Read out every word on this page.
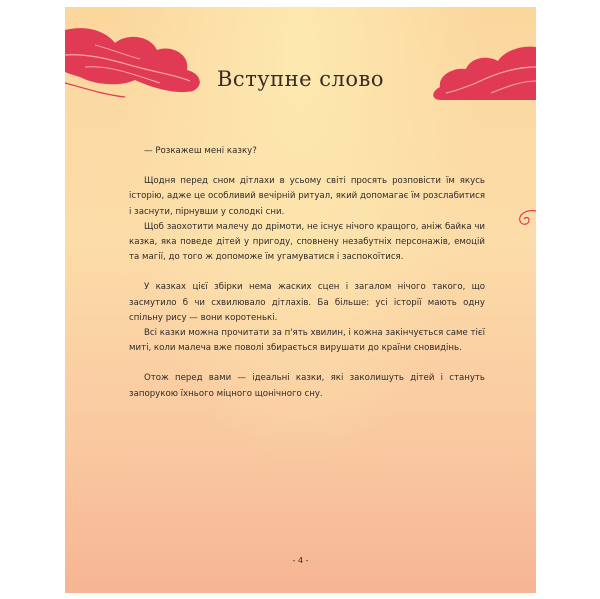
Вступне слово

— Розкажеш мені казку?

Щодня перед сном дітлахи в усьому світі просять розповісти їм якусь історію, адже це особливий вечірній ритуал, який допомагає їм розслабитися і заснути, пірнувши у солодкі сни.

Щоб заохотити малечу до дрімоти, не існує нічого кращого, аніж байка чи казка, яка поведе дітей у пригоду, сповнену незабутніх персонажів, емоцій та магії, до того ж допоможе їм угамуватися і заспокоїтися.

У казках цієї збірки нема жаских сцен і загалом нічого такого, що засмутило б чи схвилювало дітлахів. Ба більше: усі історії мають одну спільну рису — вони коротенькі.

Всі казки можна прочитати за п'ять хвилин, і кожна закінчується саме тієї миті, коли малеча вже поволі збирається вирушати до країни сновидінь.

Отож перед вами — ідеальні казки, які заколишуть дітей і стануть запорукою їхнього міцного щонічного сну.

- 4 -
